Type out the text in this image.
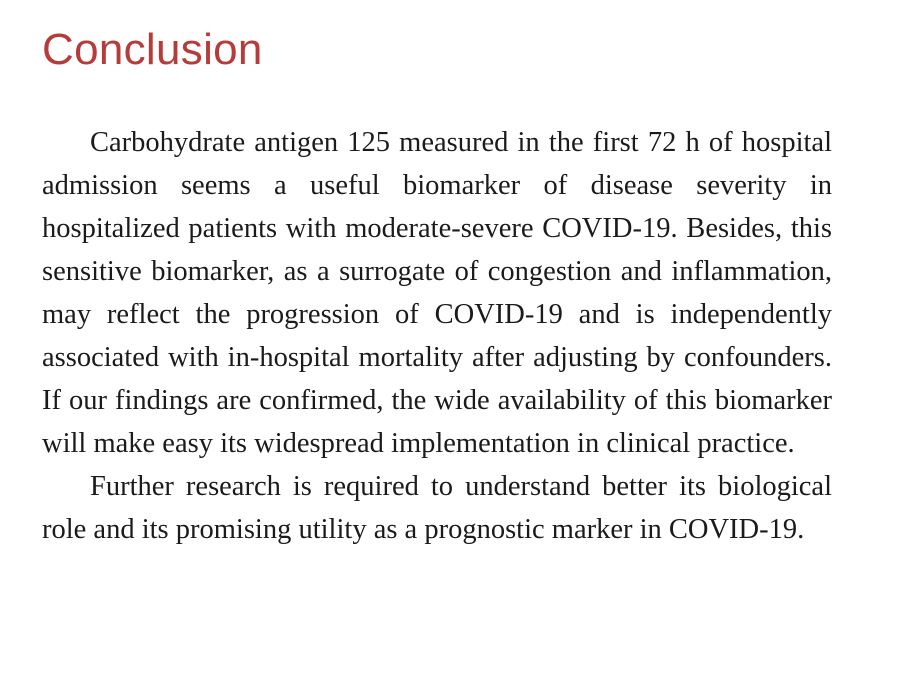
Conclusion

Carbohydrate antigen 125 measured in the first 72 h of hospital admission seems a useful biomarker of disease severity in hospitalized patients with moderate-severe COVID-19. Besides, this sensitive biomarker, as a surrogate of congestion and inflammation, may reflect the progression of COVID-19 and is independently associated with in-hospital mortality after adjusting by confounders. If our findings are confirmed, the wide availability of this biomarker will make easy its widespread implementation in clinical practice.

Further research is required to understand better its biological role and its promising utility as a prognostic marker in COVID-19.
